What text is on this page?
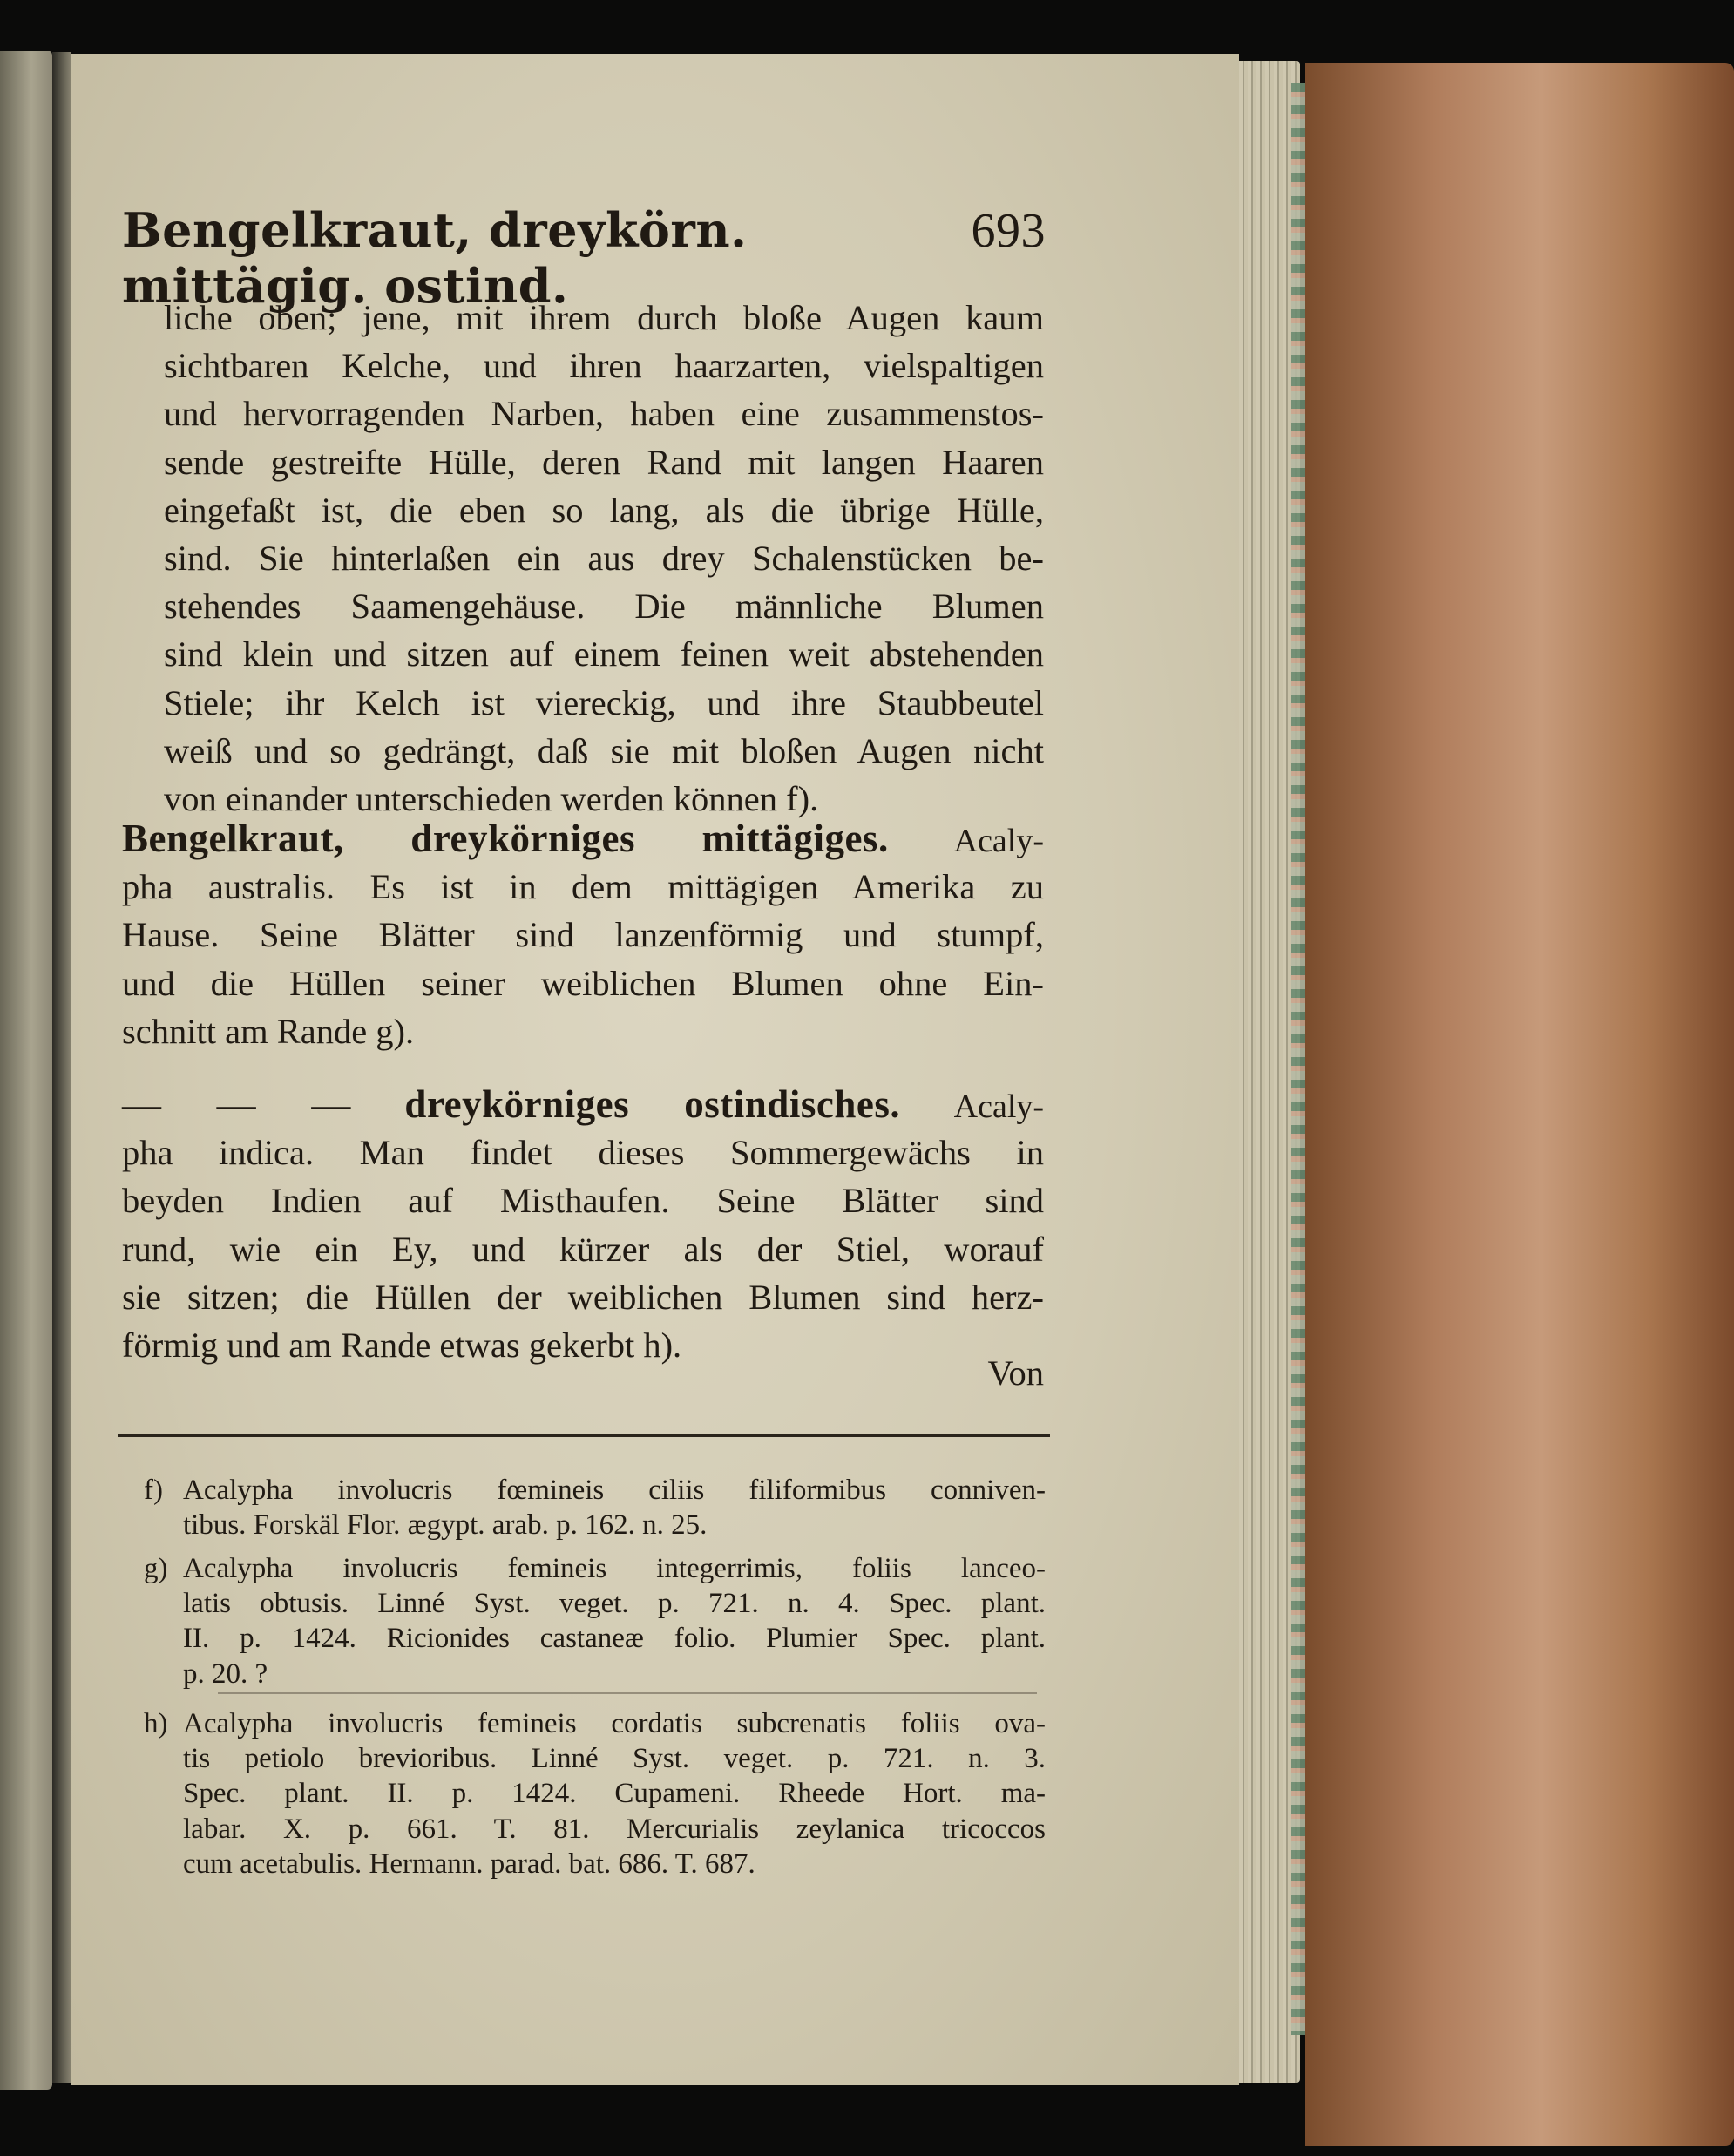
Bengelkraut, dreykörn. mittägig. ostind.
693
liche oben; jene, mit ihrem durch bloße Augen kaum
sichtbaren Kelche, und ihren haarzarten, vielspaltigen
und hervorragenden Narben, haben eine zusammenstos-
sende gestreifte Hülle, deren Rand mit langen Haaren
eingefaßt ist, die eben so lang, als die übrige Hülle,
sind. Sie hinterlaßen ein aus drey Schalenstücken be-
stehendes Saamengehäuse. Die männliche Blumen
sind klein und sitzen auf einem feinen weit abstehenden
Stiele; ihr Kelch ist viereckig, und ihre Staubbeutel
weiß und so gedrängt, daß sie mit bloßen Augen nicht
von einander unterschieden werden können f).
Bengelkraut, dreykörniges mittägiges. Acaly-
pha australis. Es ist in dem mittägigen Amerika zu
Hause. Seine Blätter sind lanzenförmig und stumpf,
und die Hüllen seiner weiblichen Blumen ohne Ein-
schnitt am Rande g).
— — — dreykörniges ostindisches. Acaly-
pha indica. Man findet dieses Sommergewächs in
beyden Indien auf Misthaufen. Seine Blätter sind
rund, wie ein Ey, und kürzer als der Stiel, worauf
sie sitzen; die Hüllen der weiblichen Blumen sind herz-
förmig und am Rande etwas gekerbt h).
Von
f) Acalypha involucris fœmineis ciliis filiformibus conniven-
tibus. Forskäl Flor. ægypt. arab. p. 162. n. 25.
g) Acalypha involucris femineis integerrimis, foliis lanceo-
latis obtusis. Linné Syst. veget. p. 721. n. 4. Spec. plant.
II. p. 1424. Ricionides castaneæ folio. Plumier Spec. plant.
p. 20. ?
h) Acalypha involucris femineis cordatis subcrenatis foliis ova-
tis petiolo brevioribus. Linné Syst. veget. p. 721. n. 3.
Spec. plant. II. p. 1424. Cupameni. Rheede Hort. ma-
labar. X. p. 661. T. 81. Mercurialis zeylanica tricoccos
cum acetabulis. Hermann. parad. bat. 686. T. 687.
